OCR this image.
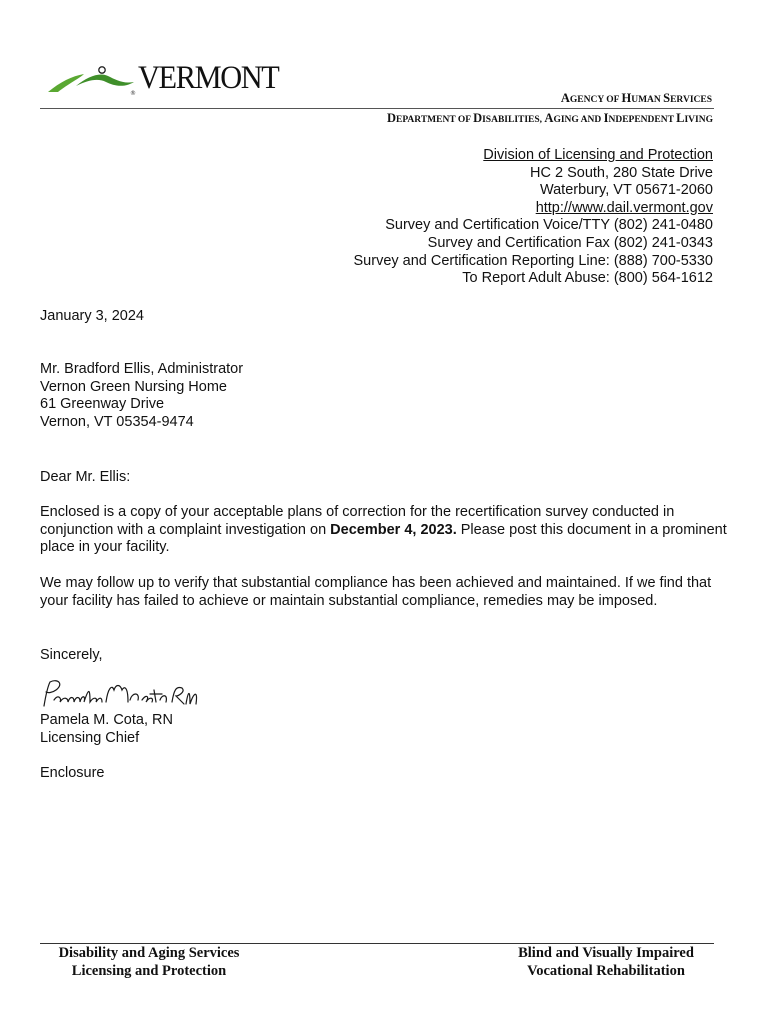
® VERMONT
AGENCY OF HUMAN SERVICES
DEPARTMENT OF DISABILITIES, AGING AND INDEPENDENT LIVING
Division of Licensing and Protection
HC 2 South, 280 State Drive
Waterbury, VT 05671-2060
http://www.dail.vermont.gov
Survey and Certification Voice/TTY (802) 241-0480
Survey and Certification Fax (802) 241-0343
Survey and Certification Reporting Line: (888) 700-5330
To Report Adult Abuse: (800) 564-1612
January 3, 2024
Mr. Bradford Ellis, Administrator
Vernon Green Nursing Home
61 Greenway Drive
Vernon, VT 05354-9474
Dear Mr. Ellis:
Enclosed is a copy of your acceptable plans of correction for the recertification survey conducted in conjunction with a complaint investigation on December 4, 2023. Please post this document in a prominent place in your facility.
We may follow up to verify that substantial compliance has been achieved and maintained. If we find that your facility has failed to achieve or maintain substantial compliance, remedies may be imposed.
Sincerely,
Pamela M. Cota, RN
Licensing Chief
Enclosure
Disability and Aging Services
Licensing and Protection
Blind and Visually Impaired
Vocational Rehabilitation
